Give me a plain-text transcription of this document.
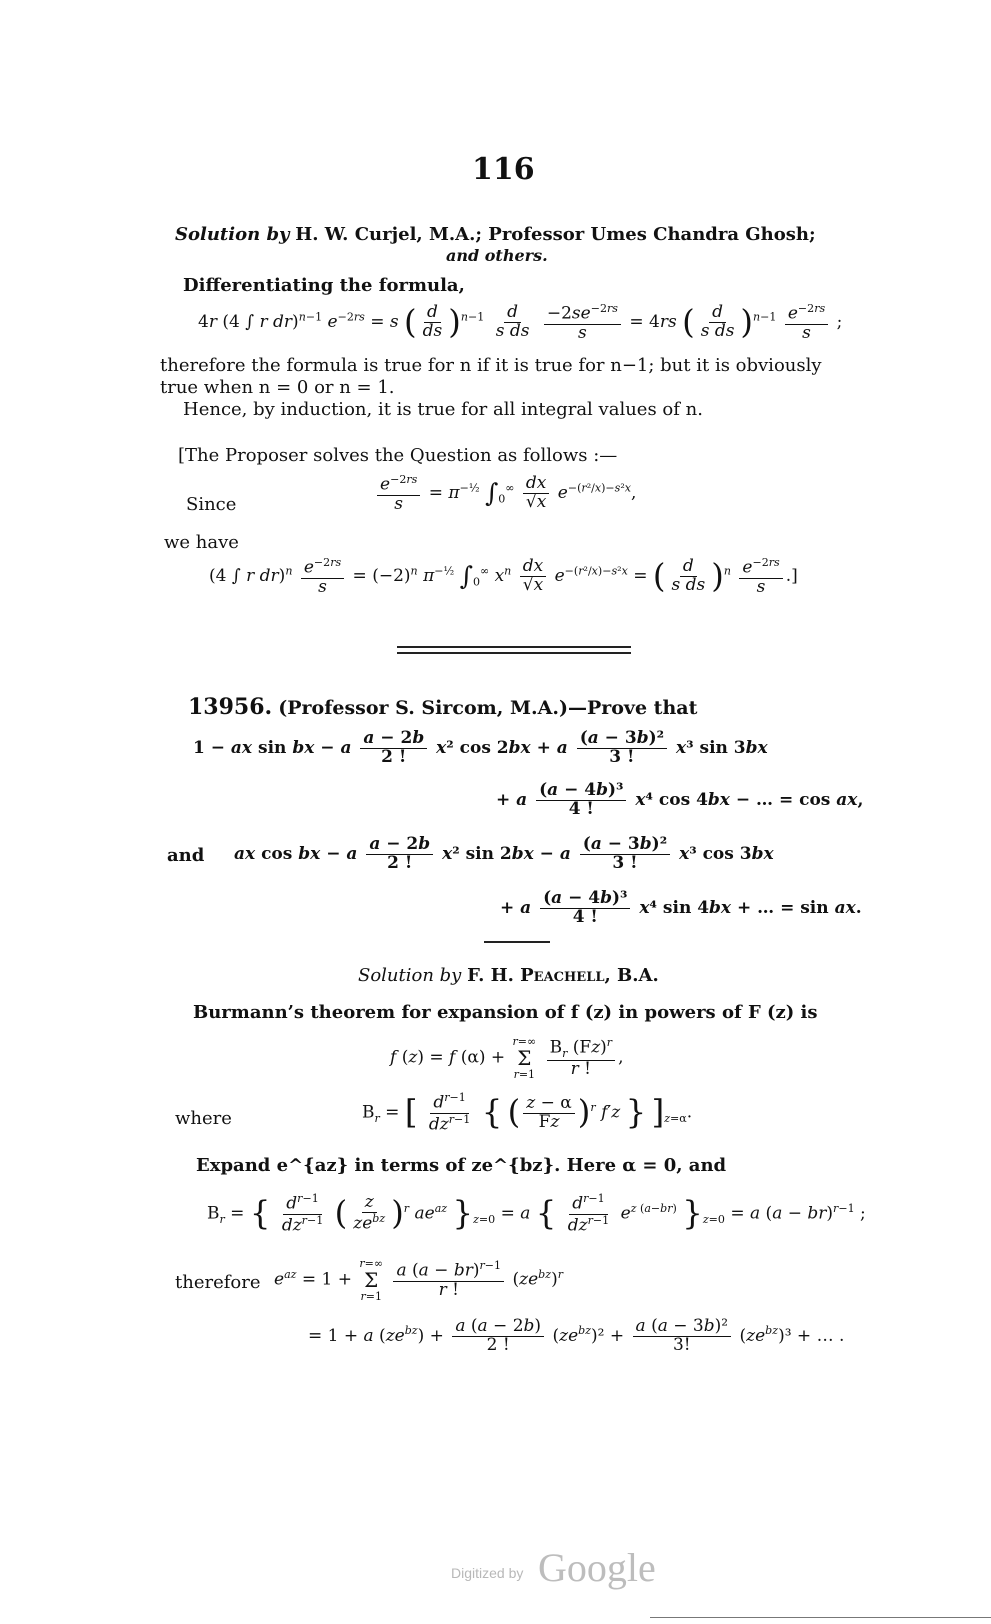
116
Solution by H. W. Curjel, M.A.; Professor Umes Chandra Ghosh;
and others.
Differentiating the formula,
4r (4 ∫ r dr)$^{n-1}$ $e^{-2rs} = s$ ( $\frac{d}{ds} )^{n-1} \frac{d}{\text{s ds}}$
$\frac{-2se^{-2rs}}{s} = 4rs$ ( $\frac{d}{\text{s ds}} )^{n-1} \frac{e^{-2rs}}{s}$ ;
therefore the formula is true for n if it is true for n−1; but it is obviously
true when n = 0 or n = 1.
Hence, by induction, it is true for all integral values of n.
[The Proposer solves the Question as follows :—
Since	$\frac{e^{-2rs}}{s} = \pi^{-\frac{1}{2}}$ $\int_0^\infty \frac{dx}{√x} e^{-(r^2/x)-s^2x}$,
we have
(4 ∫ r $dr)^n \frac{e^{-2rs}}{s} = (-2)^n$ $\pi^{-\frac{1}{2}}$ $\int_0^\infty$ $x^n \frac{dx}{√x} e^{-(r^2/x)-s^2x}$ = ( $\frac{d}{\text{s ds}} )^n \frac{e^{-2rs}}{s}$ .]
13956. (Professor S. Sircom, M.A.)—Prove that
1 − ax sin bx − a $\frac{a - 2b}{2 !} x^2$ cos 2bx + a $\frac{\text{(a − 3b)²}}{3 !} x^3$ sin 3bx
+ a $\frac{\text{(a − 4b)³}}{4 !} x^4$ cos 4bx − … = cos ax,
and ax cos bx − a $\frac{a - 2b}{2 !} x^2$ sin 2bx − a $\frac{\text{(a − 3b)²}}{3 !} x^3$ cos 3bx
+ a $\frac{\text{(a − 4b)³}}{4 !} x^4$ sin 4bx + … = sin ax.
Solution by F. H. Peachell, B.A.
Burmann’s theorem for expansion of f (z) in powers of F (z) is
f (z) = f (α) +
r=∞
Σ
r=1
$\frac{B_r (Fz)^r}{r !}$ ,
where	$B_r$ = [ $\frac{d^{r-1}}{dz^{r-1}}$ { ( $\frac{z - \alpha}{Fz} )^r$ f′z } ]$_{z=\alpha}$.
Expand e^{az} in terms of ze^{bz}. Here α = 0, and
$B_r$ = { $\frac{d^{r-1}}{dz^{r-1}}$ ( $\frac{z}{ze^{bz}} )^r$ $ae^{az}$ }$_{z=0} = a$ { $\frac{d^{r-1}}{dz^{r-1}} e^{z (a-br)}$ }$_{z=0} = a$ (a − br)$^{r-1}$ ;
therefore $e^{az} = 1$ +
r=∞
Σ
r=1
$\frac{a (a - br)^{r-1}}{r !} (ze^{bz})^r$
= 1 + a $(ze^{bz}) + \frac{a (a - 2b)}{2 !} (ze^{bz})^2 + \frac{\text{a (a − 3b)²}}{3!} (ze^{bz})^3$ + … .
Digitized by Google
